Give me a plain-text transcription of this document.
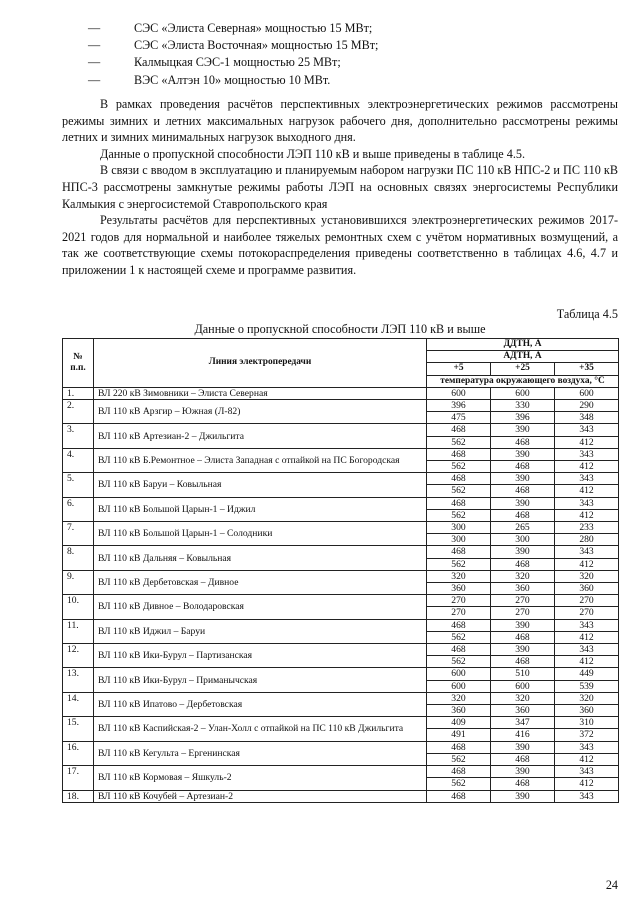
—	СЭС «Элиста Северная» мощностью 15 МВт;
—	СЭС «Элиста Восточная» мощностью 15 МВт;
—	Калмыцкая СЭС-1 мощностью 25 МВт;
—	ВЭС «Алтэн 10» мощностью 10 МВт.

В рамках проведения расчётов перспективных электроэнергетических режимов рассмотрены режимы зимних и летних максимальных нагрузок рабочего дня, дополнительно рассмотрены режимы летних и зимних минимальных нагрузок выходного дня.

Данные о пропускной способности ЛЭП 110 кВ и выше приведены в таблице 4.5.

В связи с вводом в эксплуатацию и планируемым набором нагрузки ПС 110 кВ НПС-2 и ПС 110 кВ НПС-3 рассмотрены замкнутые режимы работы ЛЭП на основных связях энергосистемы Республики Калмыкия с энергосистемой Ставропольского края

Результаты расчётов для перспективных установившихся электроэнергетических режимов 2017-2021 годов для нормальной и наиболее тяжелых ремонтных схем с учётом нормативных возмущений, а так же соответствующие схемы потокораспределения приведены соответственно в таблицах 4.6, 4.7 и приложении 1 к настоящей схеме и программе развития.

Таблица 4.5
Данные о пропускной способности ЛЭП 110 кВ и выше
№ п.п.	Линия электропередачи	ДДТН, А		
		АДТН, А		
		+5	+25	+35
		температура окружающего воздуха, °С		
1.	ВЛ 220 кВ Зимовники – Элиста Северная	600	600	600
2.	ВЛ 110 кВ Арзгир – Южная (Л-82)	396	330	290
		475	396	348
3.	ВЛ 110 кВ Артезиан-2 – Джильгита	468	390	343
		562	468	412
4.	ВЛ 110 кВ Б.Ремонтное – Элиста Западная с отпайкой на ПС Богородская	468	390	343
		562	468	412
5.	ВЛ 110 кВ Баруи – Ковыльная	468	390	343
		562	468	412
6.	ВЛ 110 кВ Большой Царын-1 – Иджил	468	390	343
		562	468	412
7.	ВЛ 110 кВ Большой Царын-1 – Солодники	300	265	233
		300	300	280
8.	ВЛ 110 кВ Дальняя – Ковыльная	468	390	343
		562	468	412
9.	ВЛ 110 кВ Дербетовская – Дивное	320	320	320
		360	360	360
10.	ВЛ 110 кВ Дивное – Володаровская	270	270	270
		270	270	270
11.	ВЛ 110 кВ Иджил – Баруи	468	390	343
		562	468	412
12.	ВЛ 110 кВ Ики-Бурул – Партизанская	468	390	343
		562	468	412
13.	ВЛ 110 кВ Ики-Бурул – Приманычская	600	510	449
		600	600	539
14.	ВЛ 110 кВ Ипатово – Дербетовская	320	320	320
		360	360	360
15.	ВЛ 110 кВ Каспийская-2 – Улан-Холл с отпайкой на ПС 110 кВ Джильгита	409	347	310
		491	416	372
16.	ВЛ 110 кВ Кегульта – Ергенинская	468	390	343
		562	468	412
17.	ВЛ 110 кВ Кормовая – Яшкуль-2	468	390	343
		562	468	412
18.	ВЛ 110 кВ Кочубей – Артезиан-2	468	390	343
24
